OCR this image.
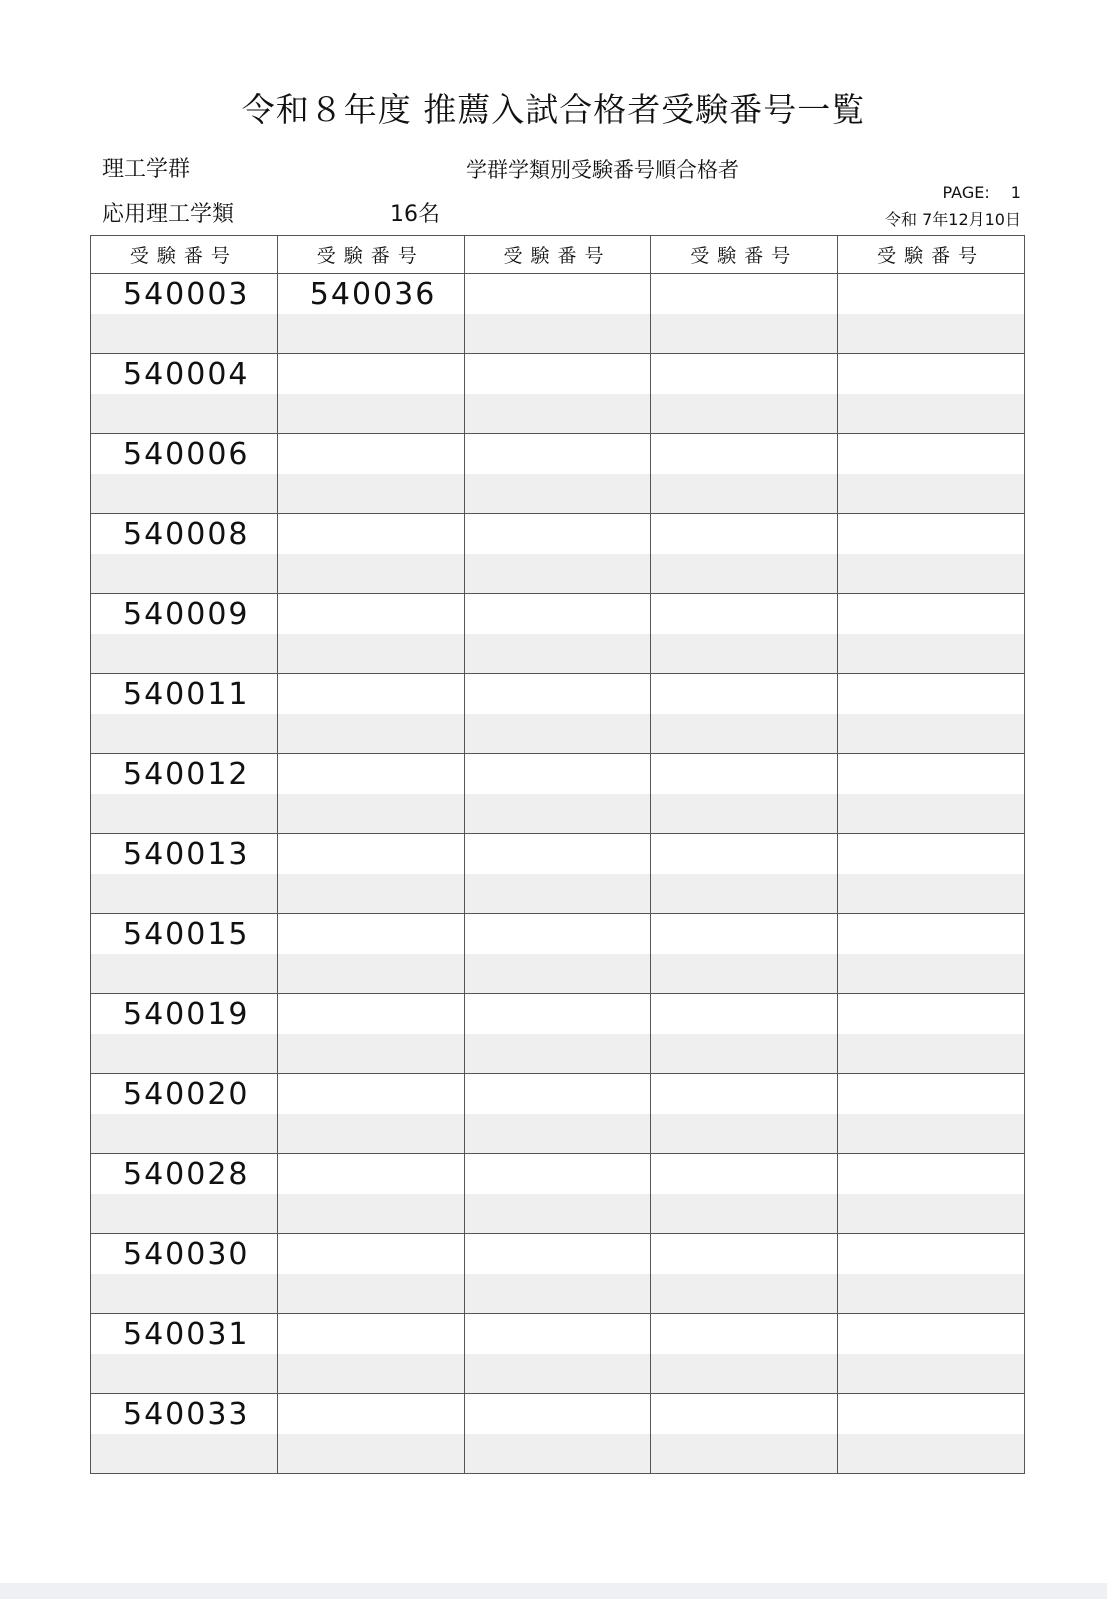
令和８年度 推薦入試合格者受験番号一覧
理工学群	学群学類別受験番号順合格者
応用理工学類	16名
PAGE:　 1
令和 7年12月10日
受験番号	受験番号	受験番号	受験番号	受験番号
540003	540036			

540004				

540006				

540008				

540009				

540011				

540012				

540013				

540015				

540019				

540020				

540028				

540030				

540031				

540033				
